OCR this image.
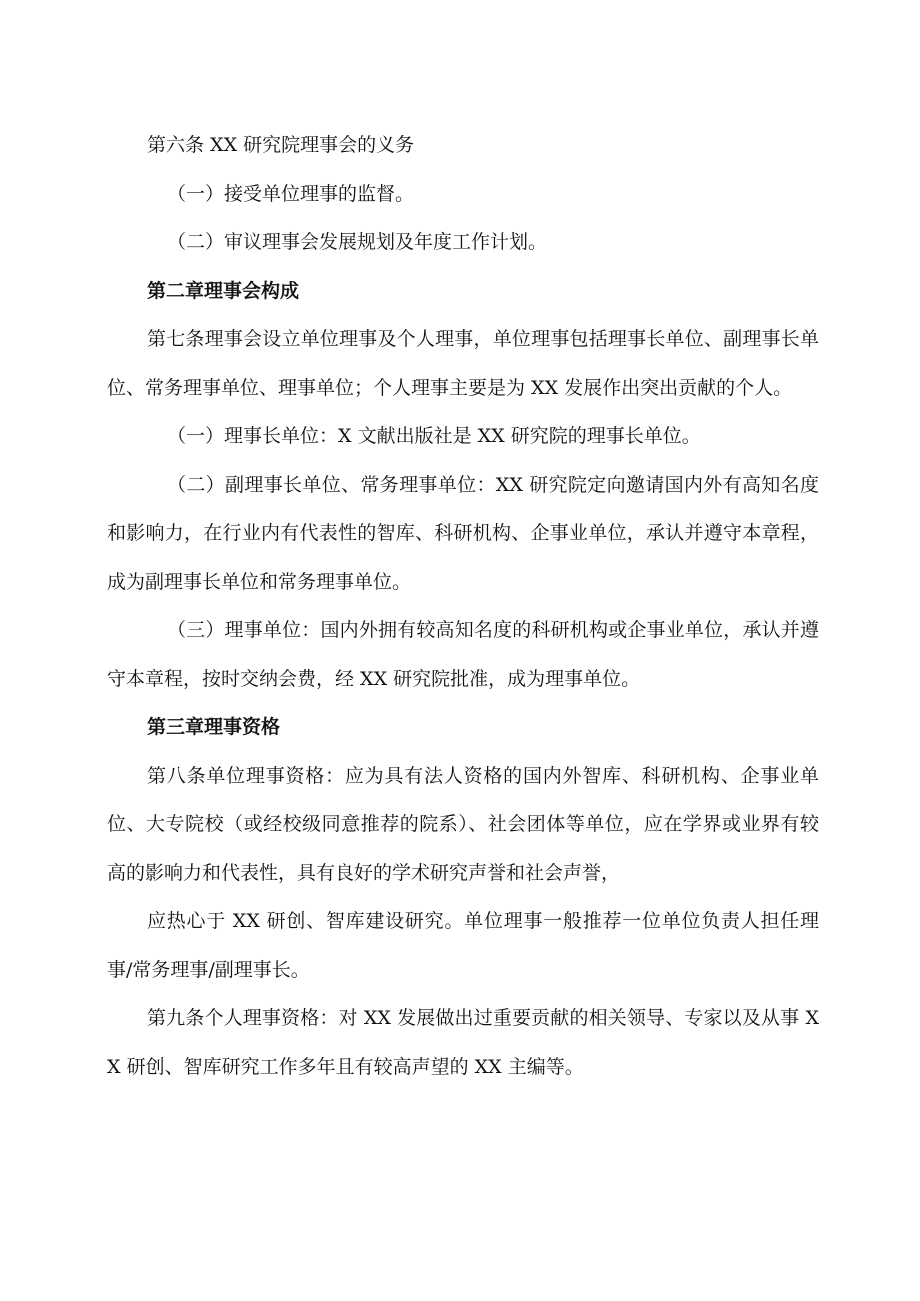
第六条 XX 研究院理事会的义务

（一）接受单位理事的监督。

（二）审议理事会发展规划及年度工作计划。

第二章理事会构成

第七条理事会设立单位理事及个人理事，单位理事包括理事长单位、副理事长单位、常务理事单位、理事单位；个人理事主要是为 XX 发展作出突出贡献的个人。

（一）理事长单位：X 文献出版社是 XX 研究院的理事长单位。

（二）副理事长单位、常务理事单位：XX 研究院定向邀请国内外有高知名度和影响力，在行业内有代表性的智库、科研机构、企事业单位，承认并遵守本章程，成为副理事长单位和常务理事单位。

（三）理事单位：国内外拥有较高知名度的科研机构或企事业单位，承认并遵守本章程，按时交纳会费，经 XX 研究院批准，成为理事单位。

第三章理事资格

第八条单位理事资格：应为具有法人资格的国内外智库、科研机构、企事业单位、大专院校（或经校级同意推荐的院系）、社会团体等单位，应在学界或业界有较高的影响力和代表性，具有良好的学术研究声誉和社会声誉，

应热心于 XX 研创、智库建设研究。单位理事一般推荐一位单位负责人担任理事/常务理事/副理事长。

第九条个人理事资格：对 XX 发展做出过重要贡献的相关领导、专家以及从事 XX 研创、智库研究工作多年且有较高声望的 XX 主编等。
